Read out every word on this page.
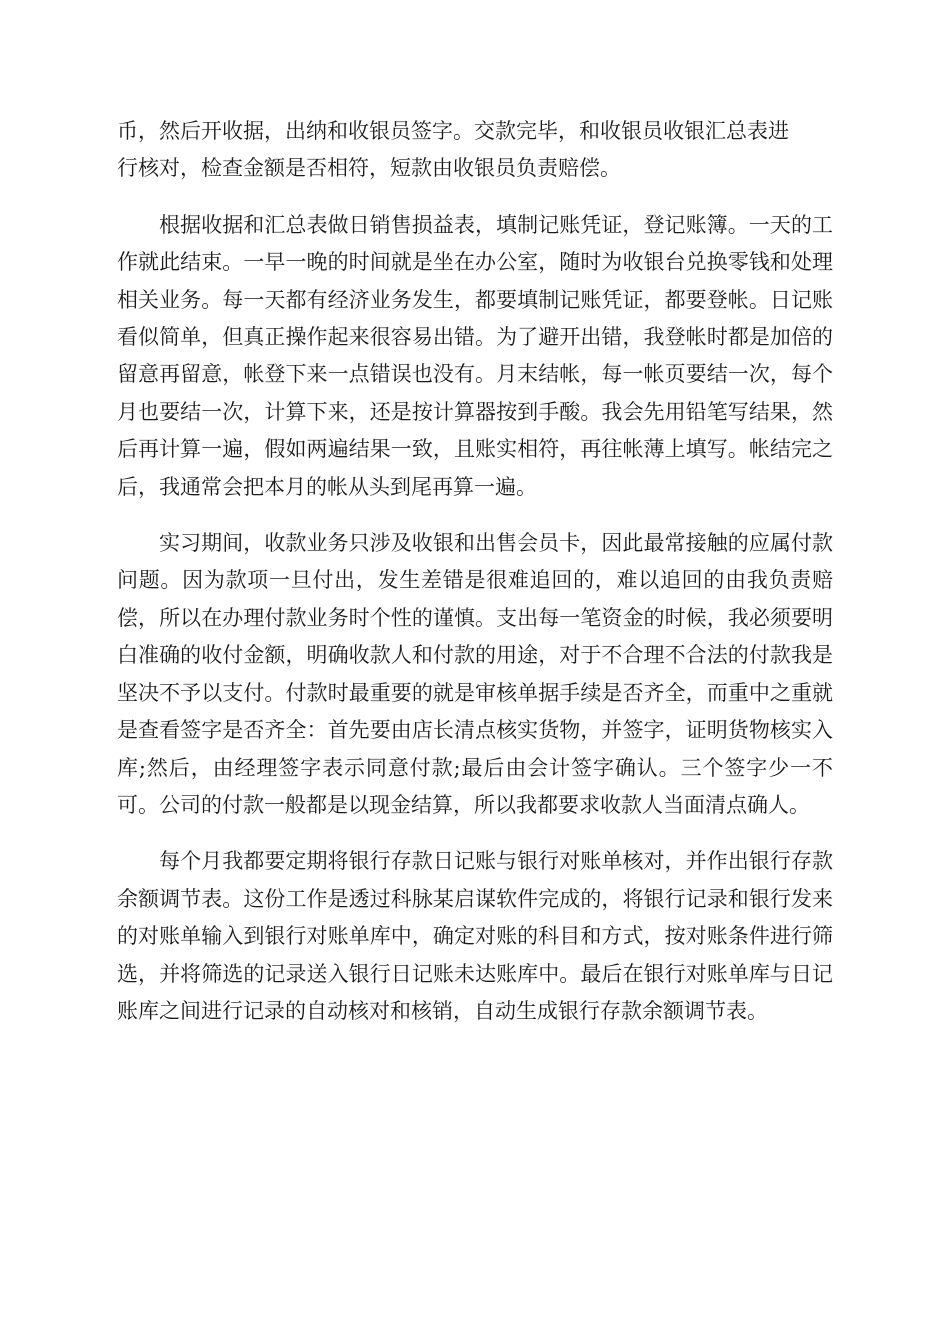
币，然后开收据，出纳和收银员签字。交款完毕，和收银员收银汇总表进
行核对，检查金额是否相符，短款由收银员负责赔偿。

根据收据和汇总表做日销售损益表，填制记账凭证，登记账簿。一天的工作就此结束。一早一晚的时间就是坐在办公室，随时为收银台兑换零钱和处理相关业务。每一天都有经济业务发生，都要填制记账凭证，都要登帐。日记账看似简单，但真正操作起来很容易出错。为了避开出错，我登帐时都是加倍的留意再留意，帐登下来一点错误也没有。月末结帐，每一帐页要结一次，每个月也要结一次，计算下来，还是按计算器按到手酸。我会先用铅笔写结果，然后再计算一遍，假如两遍结果一致，且账实相符，再往帐薄上填写。帐结完之后，我通常会把本月的帐从头到尾再算一遍。

实习期间，收款业务只涉及收银和出售会员卡，因此最常接触的应属付款问题。因为款项一旦付出，发生差错是很难追回的，难以追回的由我负责赔偿，所以在办理付款业务时个性的谨慎。支出每一笔资金的时候，我必须要明白准确的收付金额，明确收款人和付款的用途，对于不合理不合法的付款我是坚决不予以支付。付款时最重要的就是审核单据手续是否齐全，而重中之重就是查看签字是否齐全：首先要由店长清点核实货物，并签字，证明货物核实入库;然后，由经理签字表示同意付款;最后由会计签字确认。三个签字少一不可。公司的付款一般都是以现金结算，所以我都要求收款人当面清点确人。

每个月我都要定期将银行存款日记账与银行对账单核对，并作出银行存款余额调节表。这份工作是透过科脉某启谋软件完成的，将银行记录和银行发来的对账单输入到银行对账单库中，确定对账的科目和方式，按对账条件进行筛选，并将筛选的记录送入银行日记账未达账库中。最后在银行对账单库与日记账库之间进行记录的自动核对和核销，自动生成银行存款余额调节表。
